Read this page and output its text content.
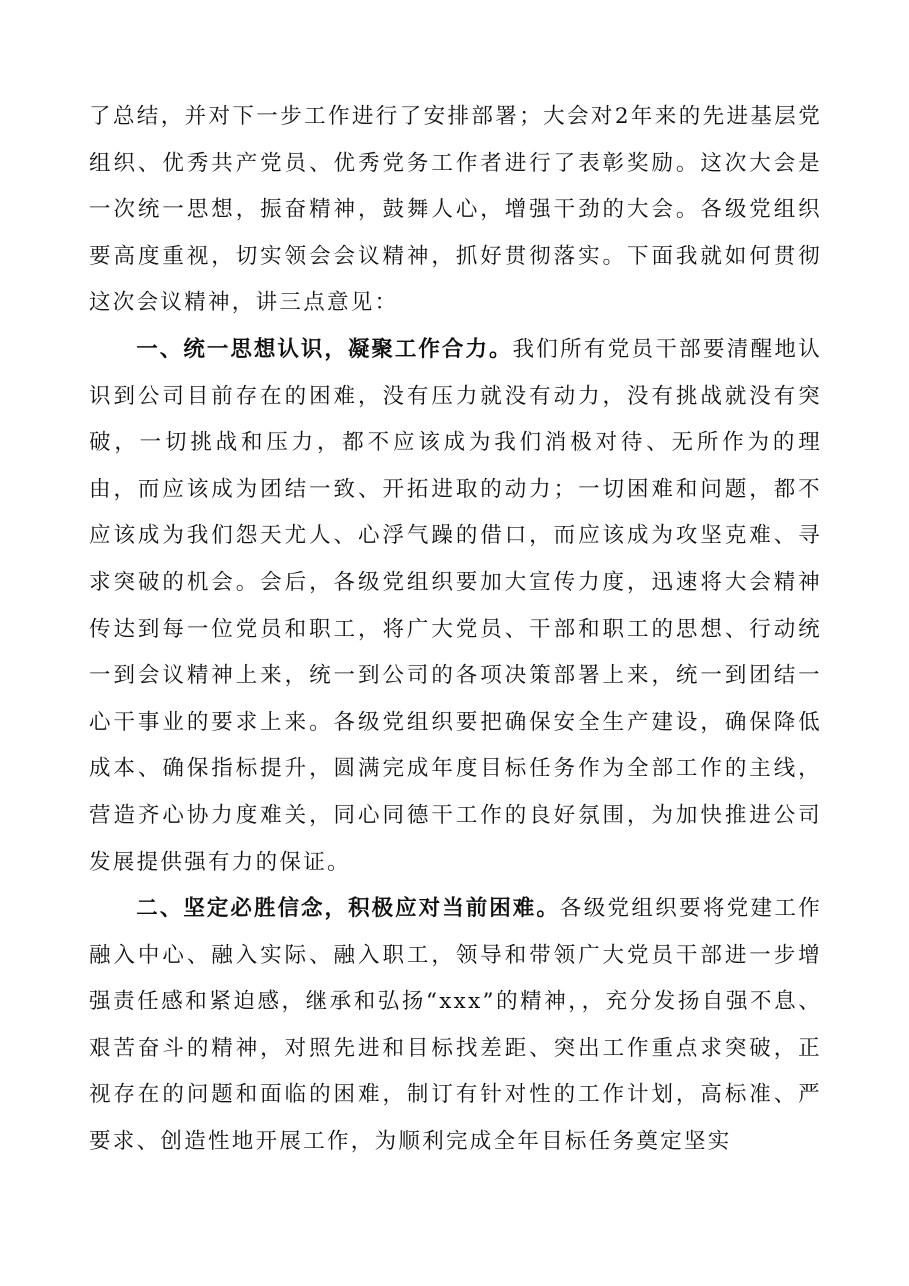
了总结，并对下一步工作进行了安排部署；大会对2年来的先进基层党组织、优秀共产党员、优秀党务工作者进行了表彰奖励。这次大会是一次统一思想，振奋精神，鼓舞人心，增强干劲的大会。各级党组织要高度重视，切实领会会议精神，抓好贯彻落实。下面我就如何贯彻这次会议精神，讲三点意见：

一、统一思想认识，凝聚工作合力。我们所有党员干部要清醒地认识到公司目前存在的困难，没有压力就没有动力，没有挑战就没有突破，一切挑战和压力，都不应该成为我们消极对待、无所作为的理由，而应该成为团结一致、开拓进取的动力；一切困难和问题，都不应该成为我们怨天尤人、心浮气躁的借口，而应该成为攻坚克难、寻求突破的机会。会后，各级党组织要加大宣传力度，迅速将大会精神传达到每一位党员和职工，将广大党员、干部和职工的思想、行动统一到会议精神上来，统一到公司的各项决策部署上来，统一到团结一心干事业的要求上来。各级党组织要把确保安全生产建设，确保降低成本、确保指标提升，圆满完成年度目标任务作为全部工作的主线，营造齐心协力度难关，同心同德干工作的良好氛围，为加快推进公司发展提供强有力的保证。

二、坚定必胜信念，积极应对当前困难。各级党组织要将党建工作融入中心、融入实际、融入职工，领导和带领广大党员干部进一步增强责任感和紧迫感，继承和弘扬“xxx”的精神，，充分发扬自强不息、艰苦奋斗的精神，对照先进和目标找差距、突出工作重点求突破，正视存在的问题和面临的困难，制订有针对性的工作计划，高标准、严要求、创造性地开展工作，为顺利完成全年目标任务奠定坚实
